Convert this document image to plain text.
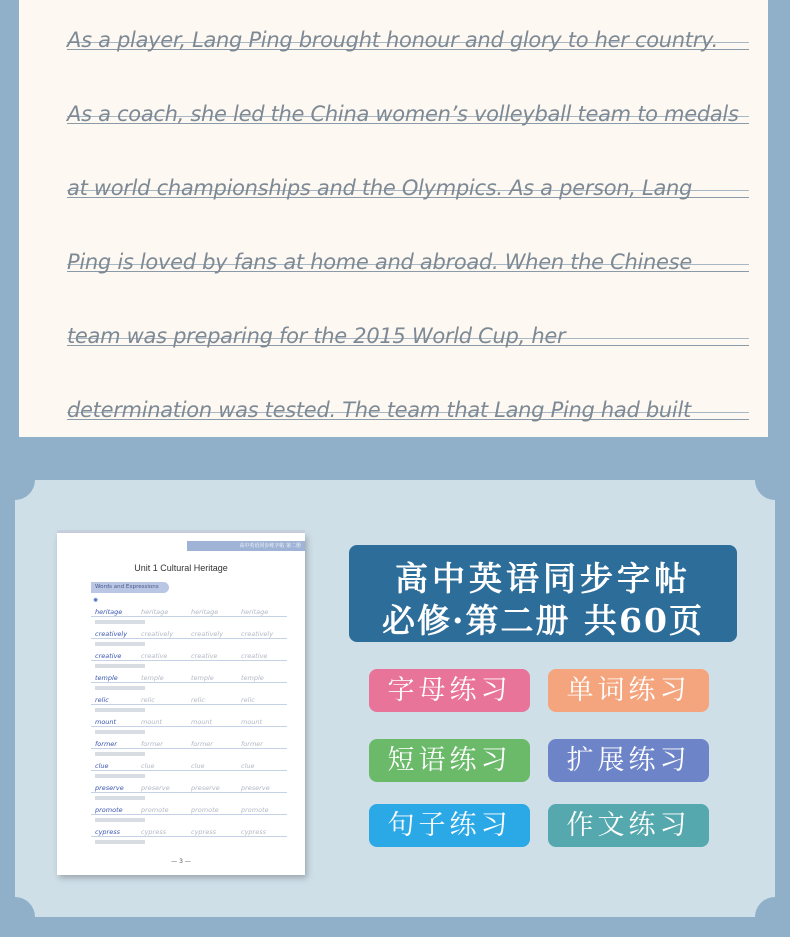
As a player, Lang Ping brought honour and glory to her country.
As a coach, she led the China women’s volleyball team to medals
at world championships and the Olympics. As a person, Lang
Ping is loved by fans at home and abroad. When the Chinese
team was preparing for the 2015 World Cup, her
determination was tested. The team that Lang Ping had built
高中英语同步练字帖 第二册
Unit 1 Cultural Heritage
Words and Expressions
✺
heritage	heritage	heritage	heritage
creatively creatively	creatively	creatively
creative	creative	creative	creative
temple	temple	temple	temple
relic	relic	relic	relic
mount	mount	mount	mount
former	former	former	former
clue	clue	clue	clue
preserve	preserve	preserve	preserve
promote	promote	promote	promote
cypress	cypress	cypress	cypress
— 3 —
高中英语同步字帖
必修·第二册 共60页
字母练习	单词练习
短语练习	扩展练习
句子练习	作文练习
